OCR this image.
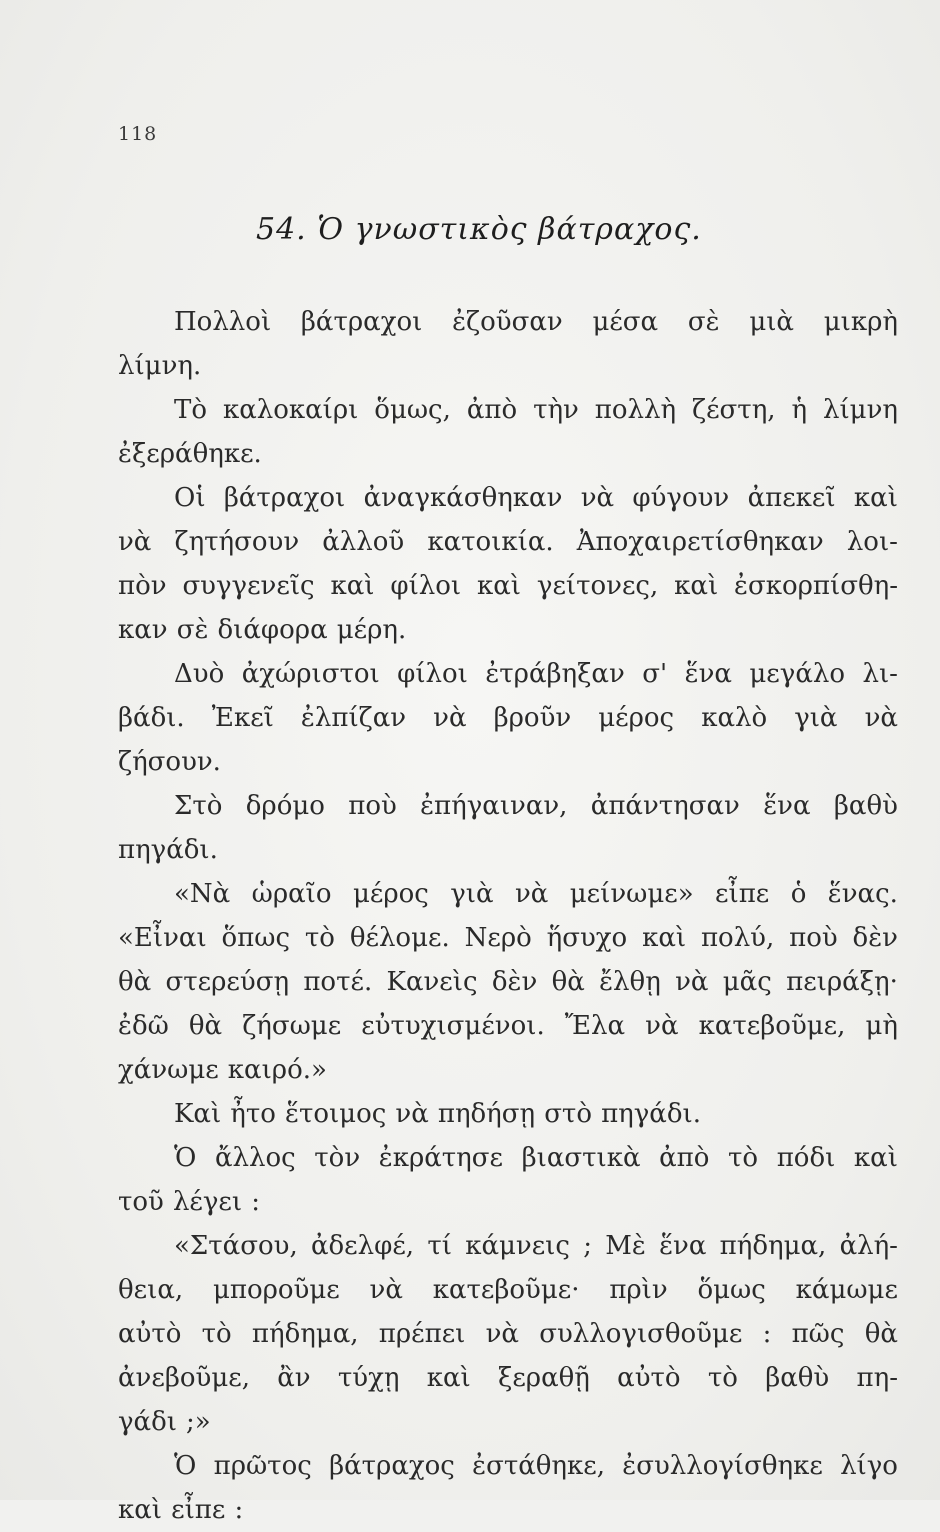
118
54. Ὁ γνωστικὸς βάτραχος.
Πολλοὶ βάτραχοι ἐζοῦσαν μέσα σὲ μιὰ μικρὴ
λίμνη.
Τὸ καλοκαίρι ὅμως, ἀπὸ τὴν πολλὴ ζέστη, ἡ λίμνη
ἐξεράθηκε.
Οἱ βάτραχοι ἀναγκάσθηκαν νὰ φύγουν ἀπεκεῖ καὶ
νὰ ζητήσουν ἀλλοῦ κατοικία. Ἀποχαιρετίσθηκαν λοι-
πὸν συγγενεῖς καὶ φίλοι καὶ γείτονες, καὶ ἐσκορπίσθη-
καν σὲ διάφορα μέρη.
Δυὸ ἀχώριστοι φίλοι ἐτράβηξαν σ' ἕνα μεγάλο λι-
βάδι. Ἐκεῖ ἐλπίζαν νὰ βροῦν μέρος καλὸ γιὰ νὰ
ζήσουν.
Στὸ δρόμο ποὺ ἐπήγαιναν, ἀπάντησαν ἕνα βαθὺ
πηγάδι.
«Νὰ ὡραῖο μέρος γιὰ νὰ μείνωμε» εἶπε ὁ ἕνας.
«Εἶναι ὅπως τὸ θέλομε. Νερὸ ἥσυχο καὶ πολύ, ποὺ δὲν
θὰ στερεύσῃ ποτέ. Κανεὶς δὲν θὰ ἔλθῃ νὰ μᾶς πειράξῃ·
ἐδῶ θὰ ζήσωμε εὐτυχισμένοι. Ἔλα νὰ κατεβοῦμε, μὴ
χάνωμε καιρό.»
Καὶ ἦτο ἕτοιμος νὰ πηδήσῃ στὸ πηγάδι.
Ὁ ἄλλος τὸν ἐκράτησε βιαστικὰ ἀπὸ τὸ πόδι καὶ
τοῦ λέγει :
«Στάσου, ἀδελφέ, τί κάμνεις ; Μὲ ἕνα πήδημα, ἀλή-
θεια, μποροῦμε νὰ κατεβοῦμε· πρὶν ὅμως κάμωμε
αὐτὸ τὸ πήδημα, πρέπει νὰ συλλογισθοῦμε : πῶς θὰ
ἀνεβοῦμε, ἂν τύχῃ καὶ ξεραθῇ αὐτὸ τὸ βαθὺ πη-
γάδι ;»
Ὁ πρῶτος βάτραχος ἐστάθηκε, ἐσυλλογίσθηκε λίγο
καὶ εἶπε :
